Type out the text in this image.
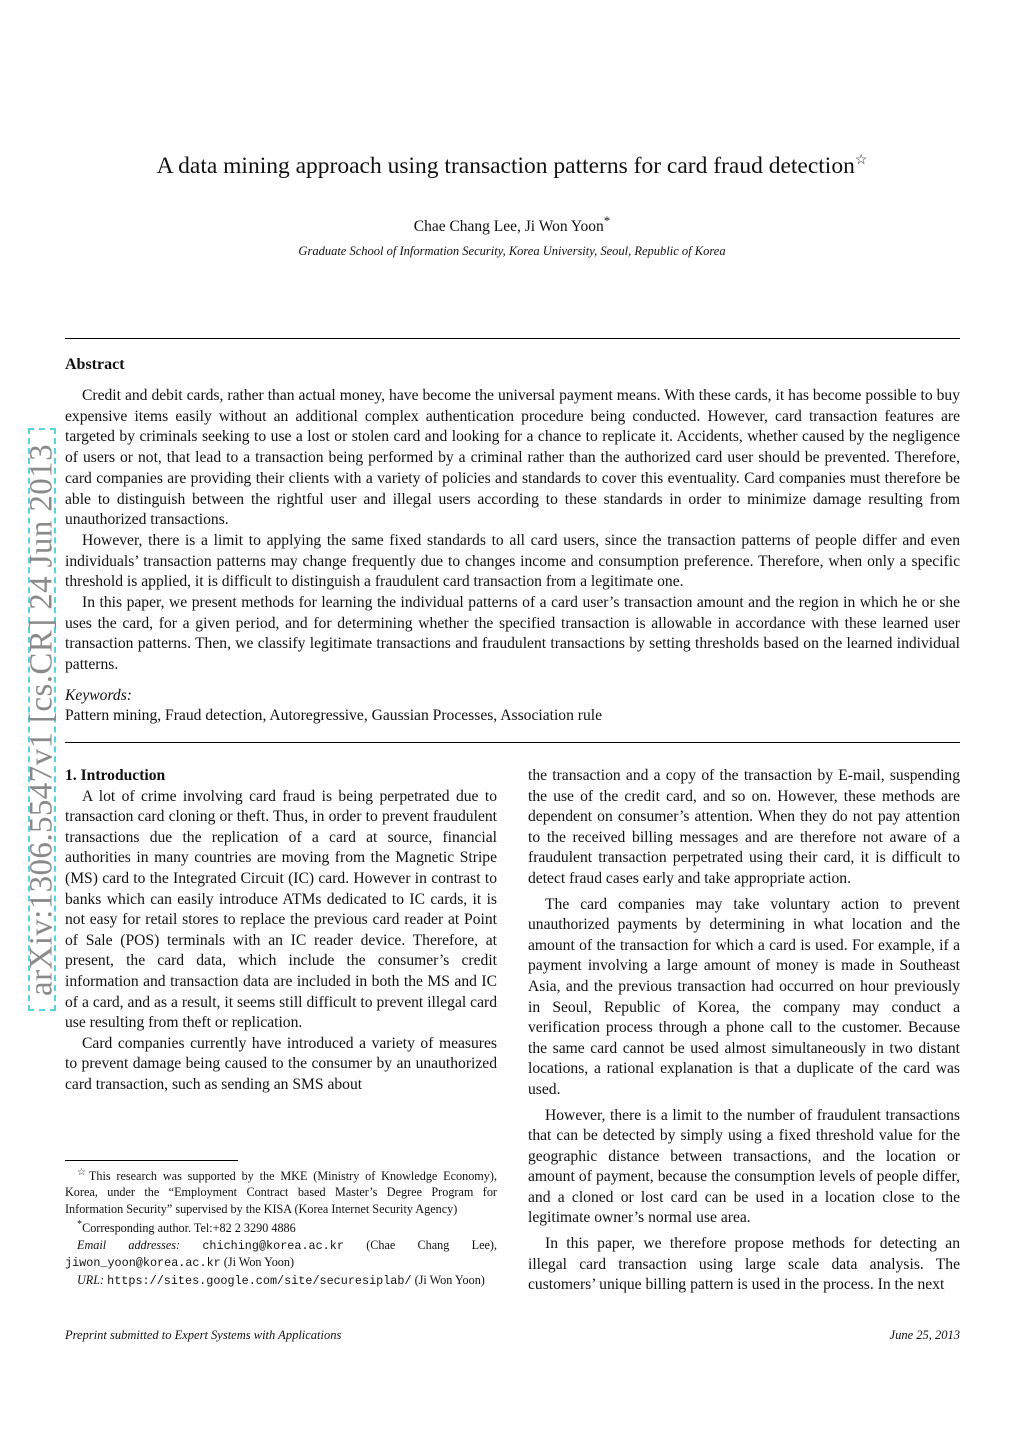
A data mining approach using transaction patterns for card fraud detection☆
Chae Chang Lee, Ji Won Yoon*
Graduate School of Information Security, Korea University, Seoul, Republic of Korea
Abstract

Credit and debit cards, rather than actual money, have become the universal payment means. With these cards, it has become possible to buy expensive items easily without an additional complex authentication procedure being conducted. However, card transaction features are targeted by criminals seeking to use a lost or stolen card and looking for a chance to replicate it. Accidents, whether caused by the negligence of users or not, that lead to a transaction being performed by a criminal rather than the authorized card user should be prevented. Therefore, card companies are providing their clients with a variety of policies and standards to cover this eventuality. Card companies must therefore be able to distinguish between the rightful user and illegal users according to these standards in order to minimize damage resulting from unauthorized transactions.

However, there is a limit to applying the same fixed standards to all card users, since the transaction patterns of people differ and even individuals’ transaction patterns may change frequently due to changes income and consumption preference. Therefore, when only a specific threshold is applied, it is difficult to distinguish a fraudulent card transaction from a legitimate one.

In this paper, we present methods for learning the individual patterns of a card user’s transaction amount and the region in which he or she uses the card, for a given period, and for determining whether the specified transaction is allowable in accordance with these learned user transaction patterns. Then, we classify legitimate transactions and fraudulent transactions by setting thresholds based on the learned individual patterns.

Keywords:
Pattern mining, Fraud detection, Autoregressive, Gaussian Processes, Association rule

1. Introduction

A lot of crime involving card fraud is being perpetrated due to transaction card cloning or theft. Thus, in order to prevent fraudulent transactions due the replication of a card at source, financial authorities in many countries are moving from the Magnetic Stripe (MS) card to the Integrated Circuit (IC) card. However in contrast to banks which can easily introduce ATMs dedicated to IC cards, it is not easy for retail stores to replace the previous card reader at Point of Sale (POS) terminals with an IC reader device. Therefore, at present, the card data, which include the consumer’s credit information and transaction data are included in both the MS and IC of a card, and as a result, it seems still difficult to prevent illegal card use resulting from theft or replication.

Card companies currently have introduced a variety of measures to prevent damage being caused to the consumer by an unauthorized card transaction, such as sending an SMS about

the transaction and a copy of the transaction by E-mail, suspending the use of the credit card, and so on. However, these methods are dependent on consumer’s attention. When they do not pay attention to the received billing messages and are therefore not aware of a fraudulent transaction perpetrated using their card, it is difficult to detect fraud cases early and take appropriate action.

The card companies may take voluntary action to prevent unauthorized payments by determining in what location and the amount of the transaction for which a card is used. For example, if a payment involving a large amount of money is made in Southeast Asia, and the previous transaction had occurred on hour previously in Seoul, Republic of Korea, the company may conduct a verification process through a phone call to the customer. Because the same card cannot be used almost simultaneously in two distant locations, a rational explanation is that a duplicate of the card was used.

However, there is a limit to the number of fraudulent transactions that can be detected by simply using a fixed threshold value for the geographic distance between transactions, and the location or amount of payment, because the consumption levels of people differ, and a cloned or lost card can be used in a location close to the legitimate owner’s normal use area.

In this paper, we therefore propose methods for detecting an illegal card transaction using large scale data analysis. The customers’ unique billing pattern is used in the process. In the next

☆This research was supported by the MKE (Ministry of Knowledge Economy), Korea, under the “Employment Contract based Master’s Degree Program for Information Security” supervised by the KISA (Korea Internet Security Agency)

*Corresponding author. Tel:+82 2 3290 4886

Email addresses: chiching@korea.ac.kr (Chae Chang Lee), jiwon_yoon@korea.ac.kr (Ji Won Yoon)

URL: https://sites.google.com/site/securesiplab/ (Ji Won Yoon)

Preprint submitted to Expert Systems with Applications	June 25, 2013
arXiv:1306.5547v1 [cs.CR] 24 Jun 2013
